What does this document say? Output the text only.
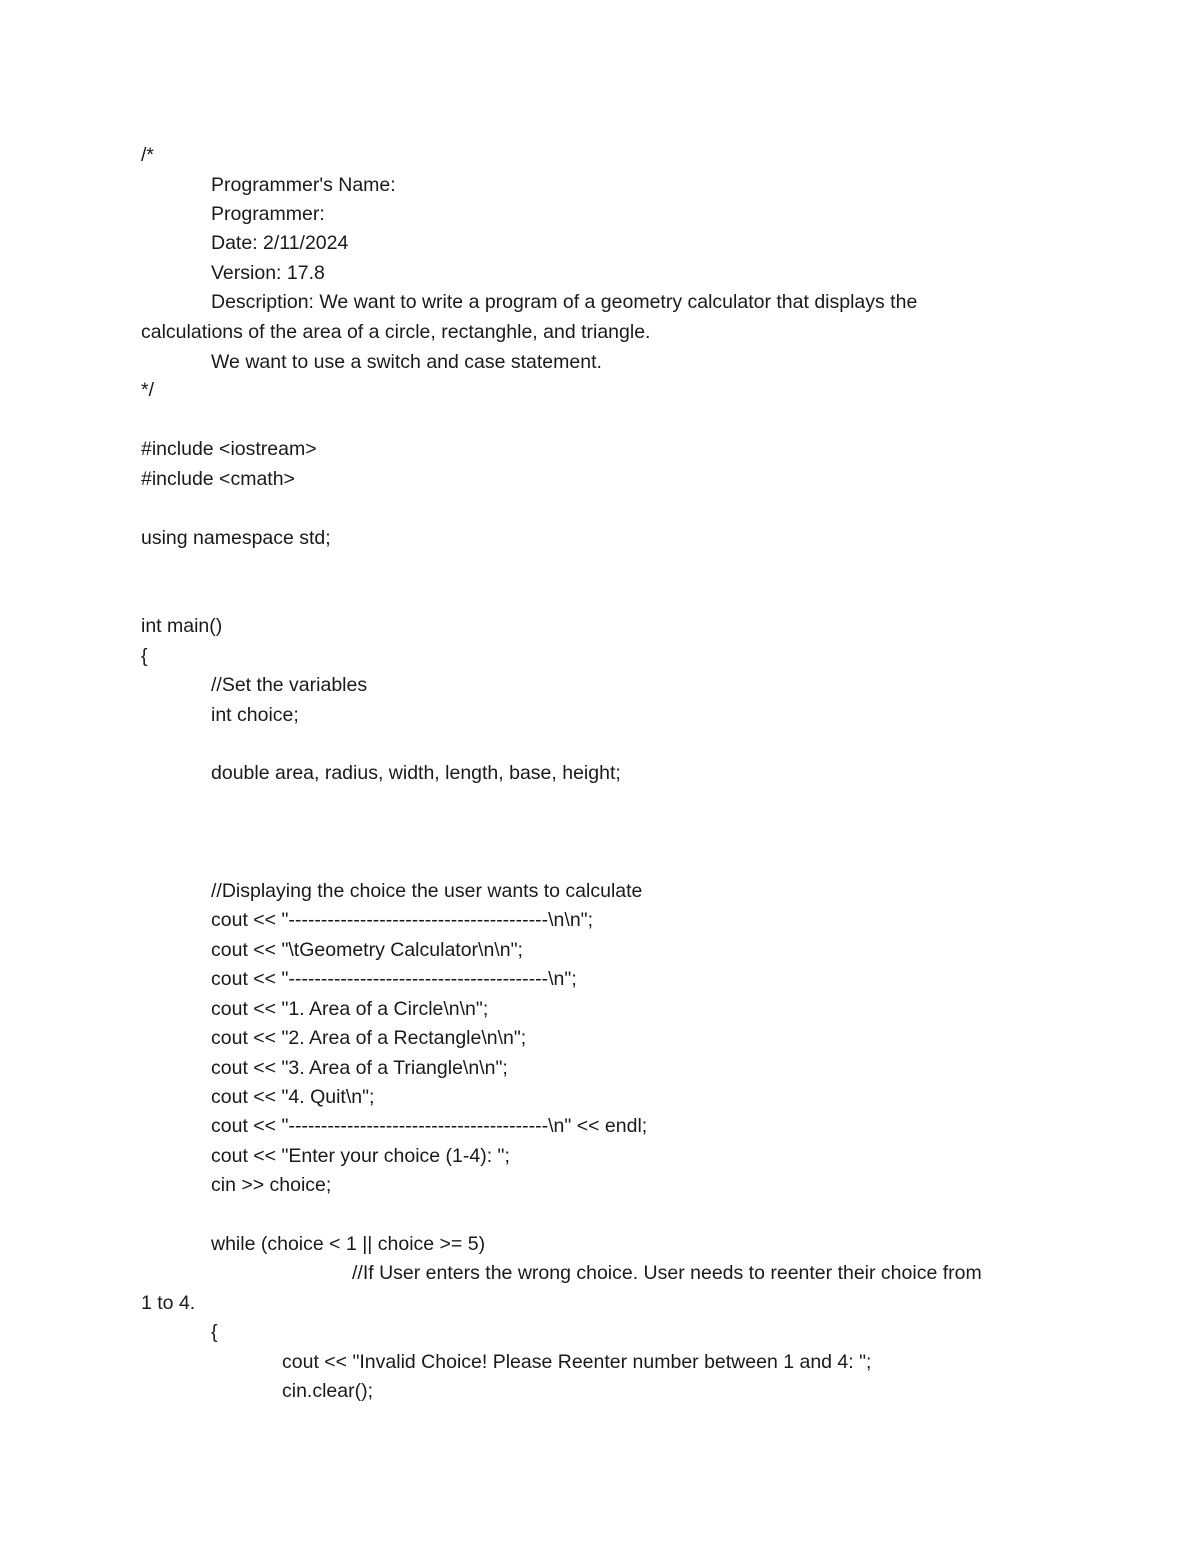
/*
Programmer's Name:
Programmer:
Date: 2/11/2024
Version: 17.8
Description: We want to write a program of a geometry calculator that displays the
calculations of the area of a circle, rectanghle, and triangle.
We want to use a switch and case statement.
*/
#include <iostream>
#include <cmath>
using namespace std;
int main()
{
//Set the variables
int choice;
double area, radius, width, length, base, height;
//Displaying the choice the user wants to calculate
cout << "----------------------------------------\n\n";
cout << "\tGeometry Calculator\n\n";
cout << "----------------------------------------\n";
cout << "1. Area of a Circle\n\n";
cout << "2. Area of a Rectangle\n\n";
cout << "3. Area of a Triangle\n\n";
cout << "4. Quit\n";
cout << "----------------------------------------\n" << endl;
cout << "Enter your choice (1-4): ";
cin >> choice;
while (choice < 1 || choice >= 5)
//If User enters the wrong choice. User needs to reenter their choice from
1 to 4.
{
cout << "Invalid Choice! Please Reenter number between 1 and 4: ";
cin.clear();
